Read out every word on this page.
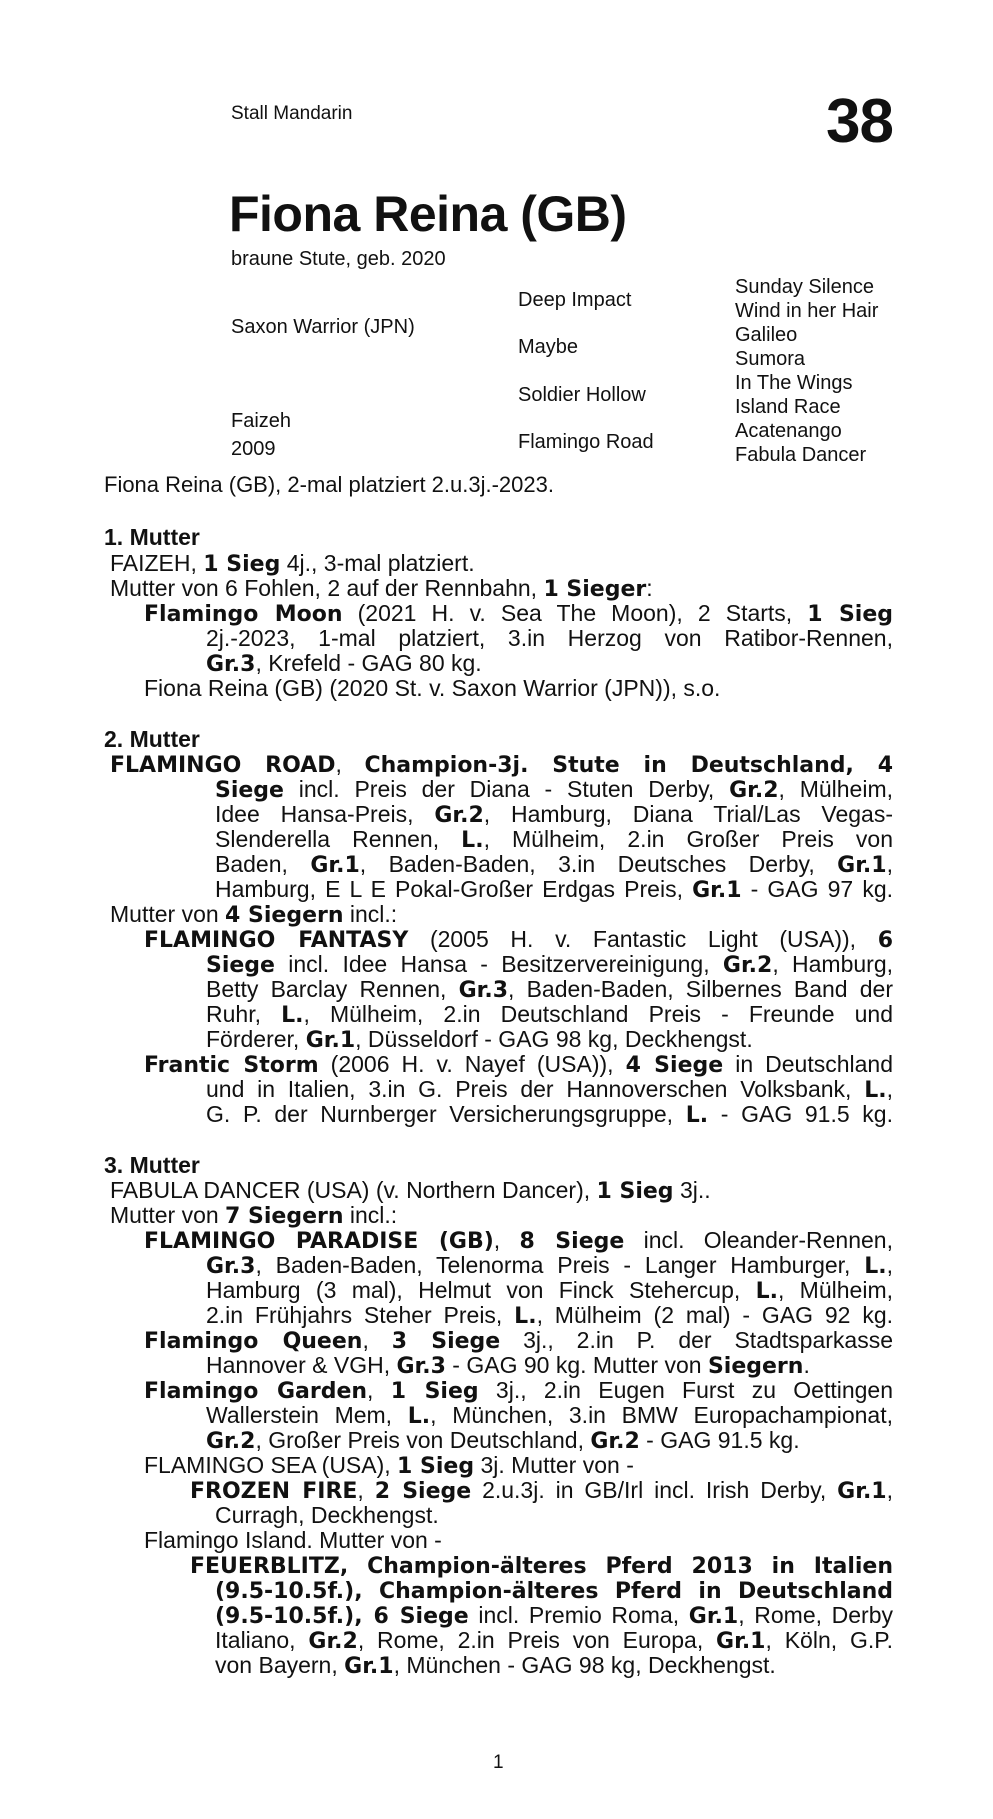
Stall Mandarin	38
Fiona Reina (GB)
braune Stute, geb. 2020
Saxon Warrior (JPN)
Faizeh
2009
Deep Impact
Maybe
Soldier Hollow
Flamingo Road
Sunday Silence
Wind in her Hair
Galileo
Sumora
In The Wings
Island Race
Acatenango
Fabula Dancer
Fiona Reina (GB), 2-mal platziert 2.u.3j.-2023.
1. Mutter
FAIZEH, 1 Sieg 4j., 3-mal platziert.
Mutter von 6 Fohlen, 2 auf der Rennbahn, 1 Sieger:
Flamingo Moon (2021 H. v. Sea The Moon), 2 Starts, 1 Sieg
2j.-2023, 1-mal platziert, 3.in Herzog von Ratibor-Rennen,
Gr.3, Krefeld - GAG 80 kg.
Fiona Reina (GB) (2020 St. v. Saxon Warrior (JPN)), s.o.
2. Mutter
FLAMINGO ROAD, Champion-3j. Stute in Deutschland, 4
Siege incl. Preis der Diana - Stuten Derby, Gr.2, Mülheim,
Idee Hansa-Preis, Gr.2, Hamburg, Diana Trial/Las Vegas-
Slenderella Rennen, L., Mülheim, 2.in Großer Preis von
Baden, Gr.1, Baden-Baden, 3.in Deutsches Derby, Gr.1,
Hamburg, E L E Pokal-Großer Erdgas Preis, Gr.1 - GAG 97 kg.
Mutter von 4 Siegern incl.:
FLAMINGO FANTASY (2005 H. v. Fantastic Light (USA)), 6
Siege incl. Idee Hansa - Besitzervereinigung, Gr.2, Hamburg,
Betty Barclay Rennen, Gr.3, Baden-Baden, Silbernes Band der
Ruhr, L., Mülheim, 2.in Deutschland Preis - Freunde und
Förderer, Gr.1, Düsseldorf - GAG 98 kg, Deckhengst.
Frantic Storm (2006 H. v. Nayef (USA)), 4 Siege in Deutschland
und in Italien, 3.in G. Preis der Hannoverschen Volksbank, L.,
G. P. der Nurnberger Versicherungsgruppe, L. - GAG 91.5 kg.
3. Mutter
FABULA DANCER (USA) (v. Northern Dancer), 1 Sieg 3j..
Mutter von 7 Siegern incl.:
FLAMINGO PARADISE (GB), 8 Siege incl. Oleander-Rennen,
Gr.3, Baden-Baden, Telenorma Preis - Langer Hamburger, L.,
Hamburg (3 mal), Helmut von Finck Stehercup, L., Mülheim,
2.in Frühjahrs Steher Preis, L., Mülheim (2 mal) - GAG 92 kg.
Flamingo Queen, 3 Siege 3j., 2.in P. der Stadtsparkasse
Hannover & VGH, Gr.3 - GAG 90 kg. Mutter von Siegern.
Flamingo Garden, 1 Sieg 3j., 2.in Eugen Furst zu Oettingen
Wallerstein Mem, L., München, 3.in BMW Europachampionat,
Gr.2, Großer Preis von Deutschland, Gr.2 - GAG 91.5 kg.
FLAMINGO SEA (USA), 1 Sieg 3j. Mutter von -
FROZEN FIRE, 2 Siege 2.u.3j. in GB/Irl incl. Irish Derby, Gr.1,
Curragh, Deckhengst.
Flamingo Island. Mutter von -
FEUERBLITZ, Champion-älteres Pferd 2013 in Italien
(9.5-10.5f.), Champion-älteres Pferd in Deutschland
(9.5-10.5f.), 6 Siege incl. Premio Roma, Gr.1, Rome, Derby
Italiano, Gr.2, Rome, 2.in Preis von Europa, Gr.1, Köln, G.P.
von Bayern, Gr.1, München - GAG 98 kg, Deckhengst.
1
